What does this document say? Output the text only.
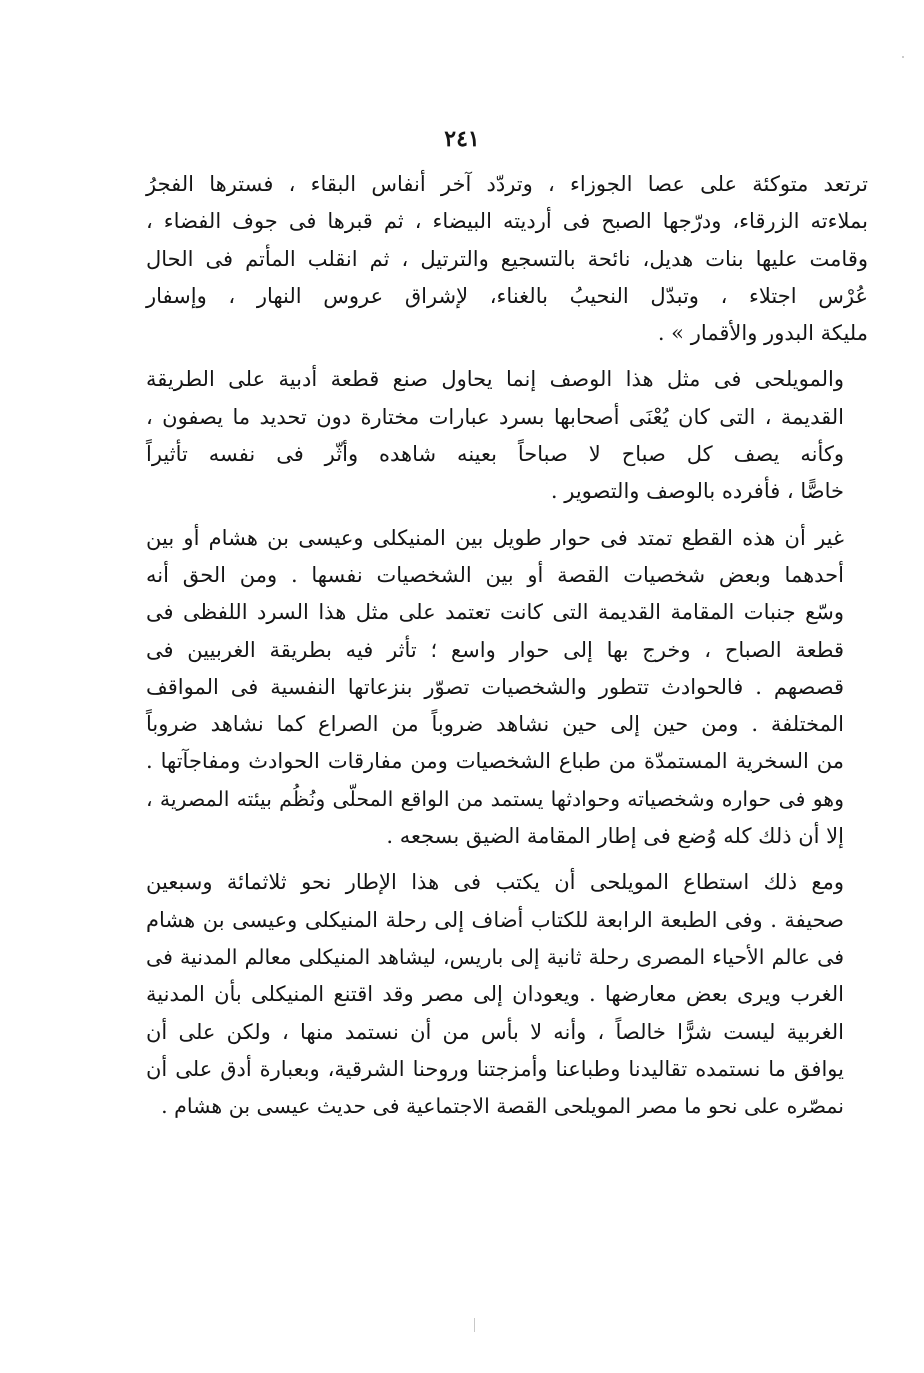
٢٤١
ترتعد متوكئة على عصا الجوزاء ، وتردّد آخر أنفاس البقاء ، فسترها الفجرُ
بملاءته الزرقاء، ودرّجها الصبح فى أرديته البيضاء ، ثم قبرها فى جوف الفضاء ،
وقامت عليها بنات هديل، نائحة بالتسجيع والترتيل ، ثم انقلب المأتم فى الحال
عُرْس اجتلاء ، وتبدّل النحيبُ بالغناء، لإشراق عروس النهار ، وإسفار
مليكة البدور والأقمار » .
والمويلحى فى مثل هذا الوصف إنما يحاول صنع قطعة أدبية على الطريقة
القديمة ، التى كان يُعْنَى أصحابها بسرد عبارات مختارة دون تحديد ما يصفون ،
وكأنه يصف كل صباح لا صباحاً بعينه شاهده وأثّر فى نفسه تأثيراً
خاصًّا ، فأفرده بالوصف والتصوير .
غير أن هذه القطع تمتد فى حوار طويل بين المنيكلى وعيسى بن هشام أو بين
أحدهما وبعض شخصيات القصة أو بين الشخصيات نفسها . ومن الحق أنه
وسّع جنبات المقامة القديمة التى كانت تعتمد على مثل هذا السرد اللفظى فى
قطعة الصباح ، وخرج بها إلى حوار واسع ؛ تأثر فيه بطريقة الغربيين فى
قصصهم . فالحوادث تتطور والشخصيات تصوّر بنزعاتها النفسية فى المواقف
المختلفة . ومن حين إلى حين نشاهد ضروباً من الصراع كما نشاهد ضروباً
من السخرية المستمدّة من طباع الشخصيات ومن مفارقات الحوادث ومفاجآتها .
وهو فى حواره وشخصياته وحوادثها يستمد من الواقع المحلّى ونُظُم بيئته المصرية ،
إلا أن ذلك كله وُضع فى إطار المقامة الضيق بسجعه .
ومع ذلك استطاع المويلحى أن يكتب فى هذا الإطار نحو ثلاثمائة وسبعين
صحيفة . وفى الطبعة الرابعة للكتاب أضاف إلى رحلة المنيكلى وعيسى بن هشام
فى عالم الأحياء المصرى رحلة ثانية إلى باريس، ليشاهد المنيكلى معالم المدنية فى
الغرب ويرى بعض معارضها . ويعودان إلى مصر وقد اقتنع المنيكلى بأن المدنية
الغربية ليست شرًّا خالصاً ، وأنه لا بأس من أن نستمد منها ، ولكن على أن
يوافق ما نستمده تقاليدنا وطباعنا وأمزجتنا وروحنا الشرقية، وبعبارة أدق على أن
نمصّره على نحو ما مصر المويلحى القصة الاجتماعية فى حديث عيسى بن هشام .
